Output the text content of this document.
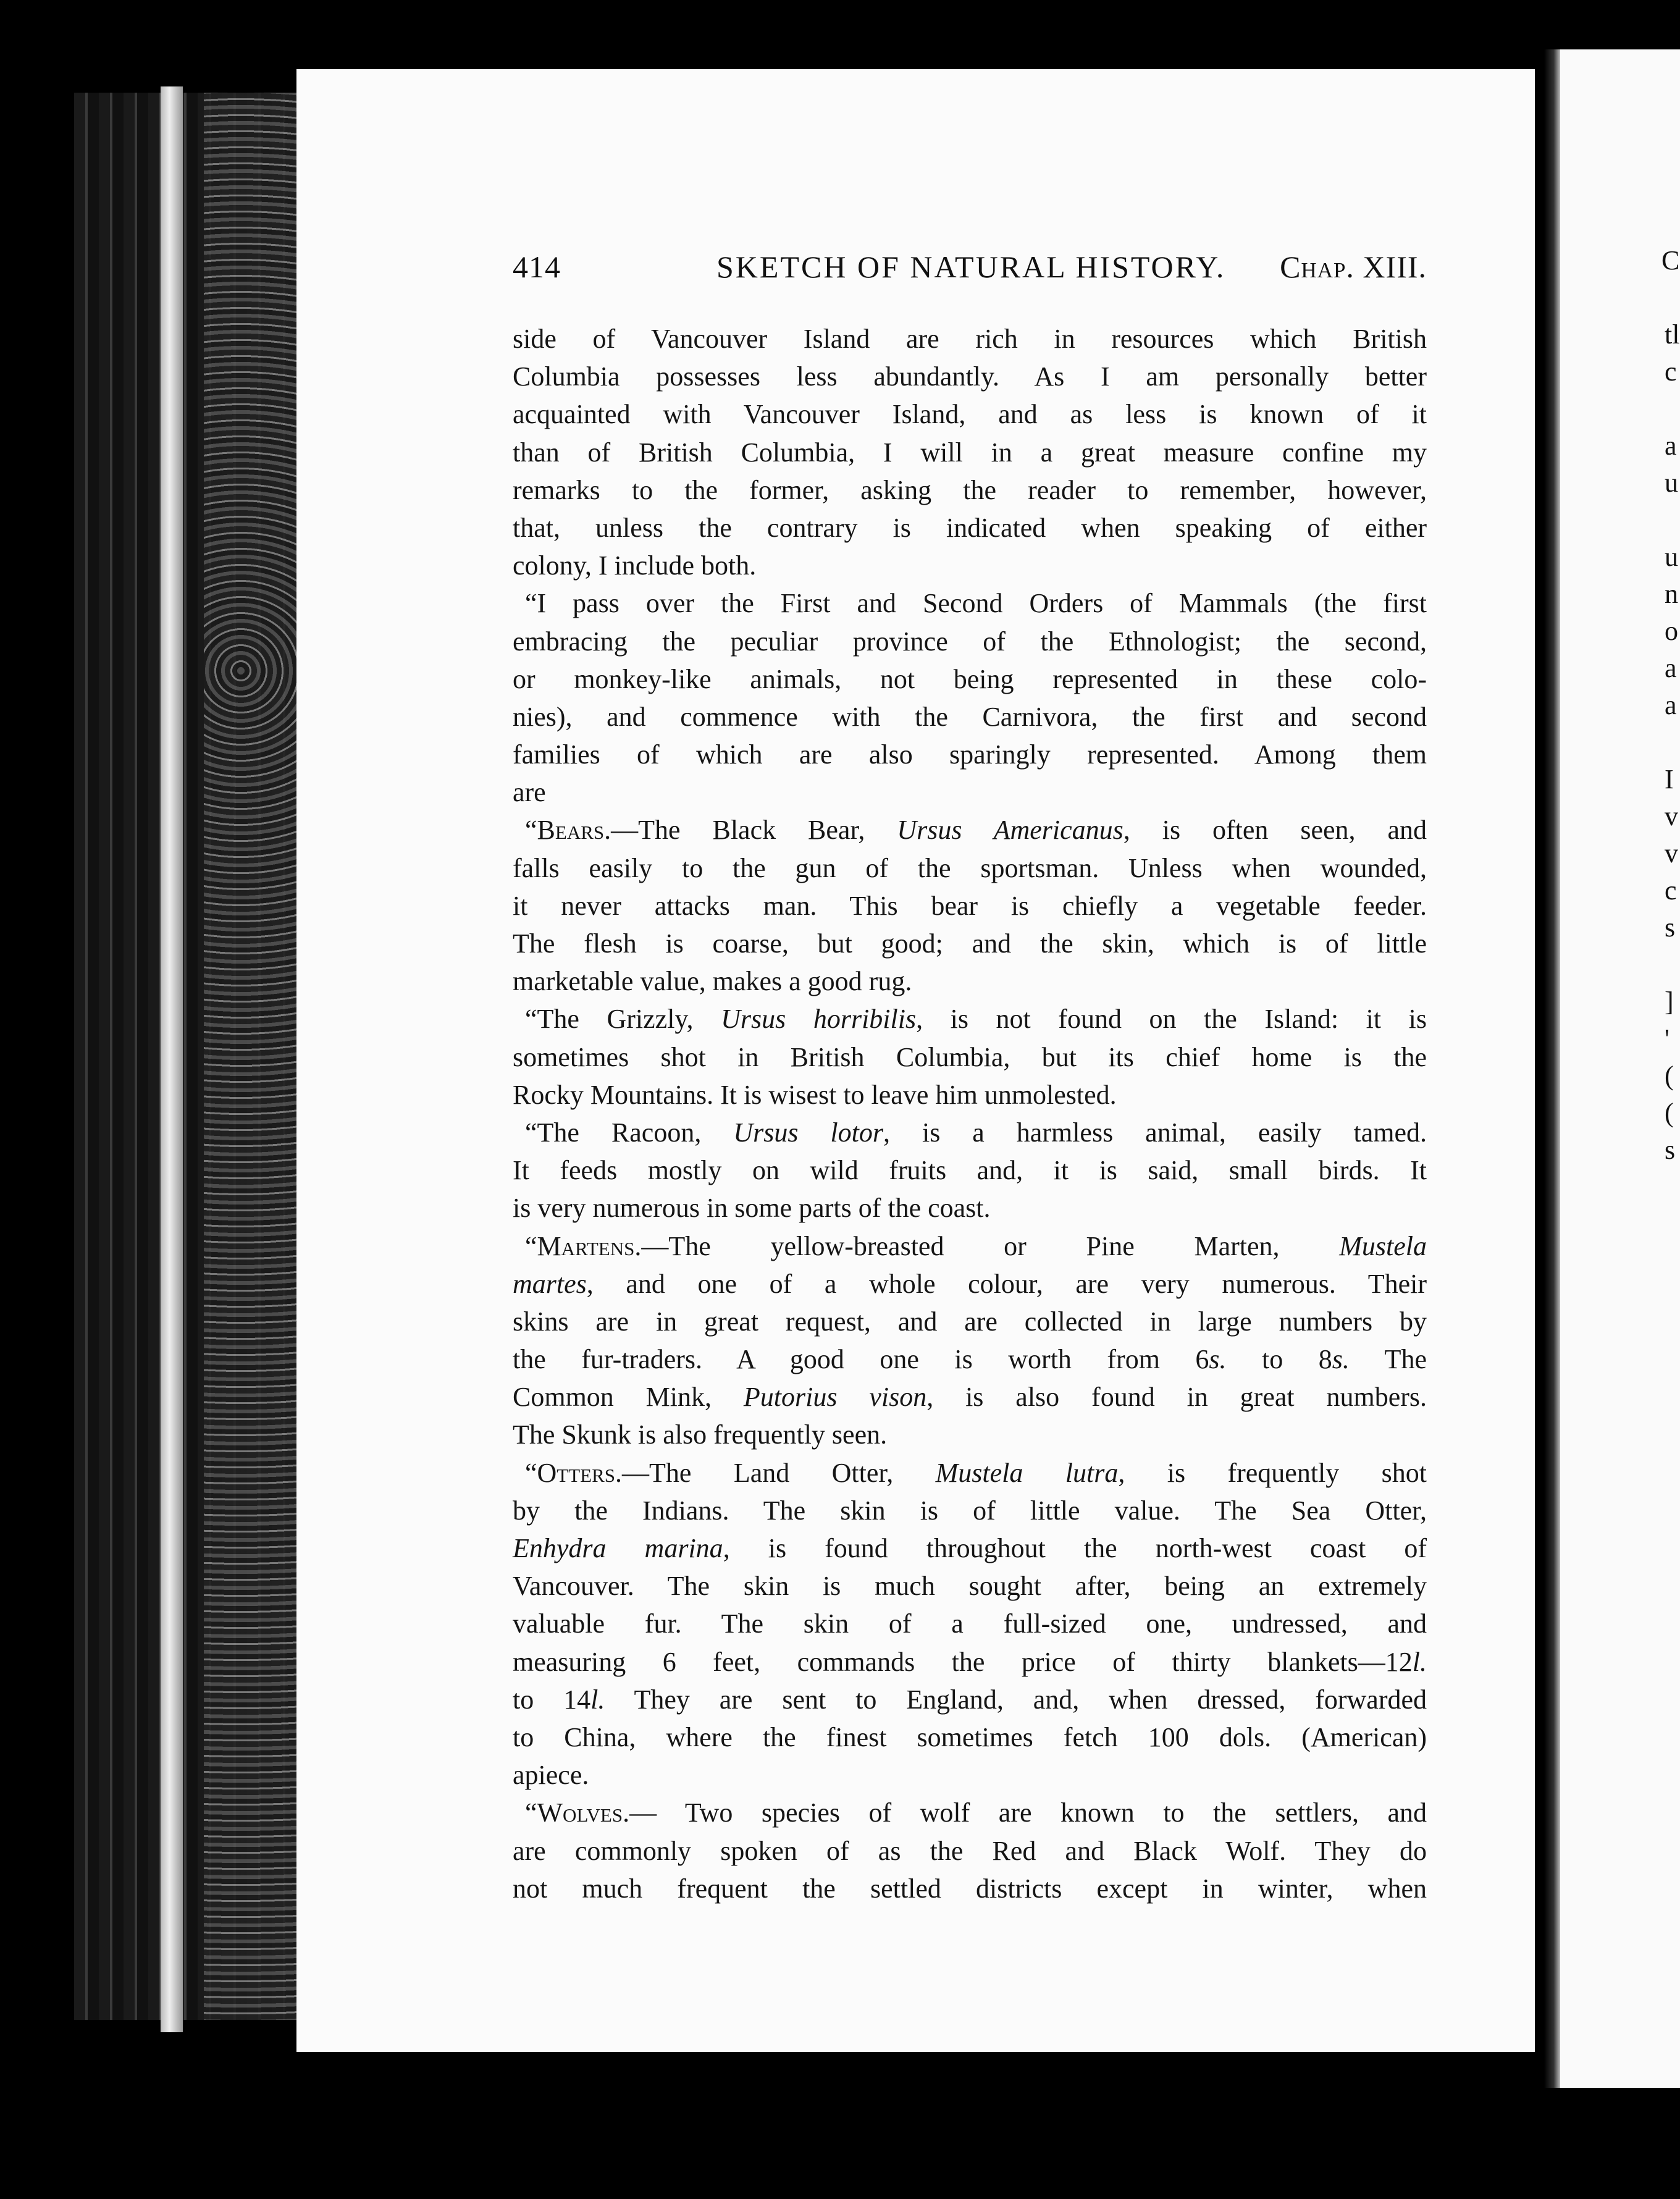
C
tl
c
a
u
u
n
o
a
a
I
v
v
c
s
]
'
(
(
s
414	SKETCH OF NATURAL HISTORY. Chap. XIII.
side of Vancouver Island are rich in resources which British
Columbia possesses less abundantly. As I am personally better
acquainted with Vancouver Island, and as less is known of it
than of British Columbia, I will in a great measure confine my
remarks to the former, asking the reader to remember, however,
that, unless the contrary is indicated when speaking of either
colony, I include both.
“I pass over the First and Second Orders of Mammals (the first
embracing the peculiar province of the Ethnologist; the second,
or monkey-like animals, not being represented in these colo-
nies), and commence with the Carnivora, the first and second
families of which are also sparingly represented. Among them
are
“Bears.—The Black Bear, Ursus Americanus, is often seen, and
falls easily to the gun of the sportsman. Unless when wounded,
it never attacks man. This bear is chiefly a vegetable feeder.
The flesh is coarse, but good; and the skin, which is of little
marketable value, makes a good rug.
“The Grizzly, Ursus horribilis, is not found on the Island: it is
sometimes shot in British Columbia, but its chief home is the
Rocky Mountains. It is wisest to leave him unmolested.
“The Racoon, Ursus lotor, is a harmless animal, easily tamed.
It feeds mostly on wild fruits and, it is said, small birds. It
is very numerous in some parts of the coast.
“Martens.—The yellow-breasted or Pine Marten, Mustela
martes, and one of a whole colour, are very numerous. Their
skins are in great request, and are collected in large numbers by
the fur-traders. A good one is worth from 6s. to 8s. The
Common Mink, Putorius vison, is also found in great numbers.
The Skunk is also frequently seen.
“Otters.—The Land Otter, Mustela lutra, is frequently shot
by the Indians. The skin is of little value. The Sea Otter,
Enhydra marina, is found throughout the north-west coast of
Vancouver. The skin is much sought after, being an extremely
valuable fur. The skin of a full-sized one, undressed, and
measuring 6 feet, commands the price of thirty blankets—12l.
to 14l. They are sent to England, and, when dressed, forwarded
to China, where the finest sometimes fetch 100 dols. (American)
apiece.
“Wolves.— Two species of wolf are known to the settlers, and
are commonly spoken of as the Red and Black Wolf. They do
not much frequent the settled districts except in winter, when
